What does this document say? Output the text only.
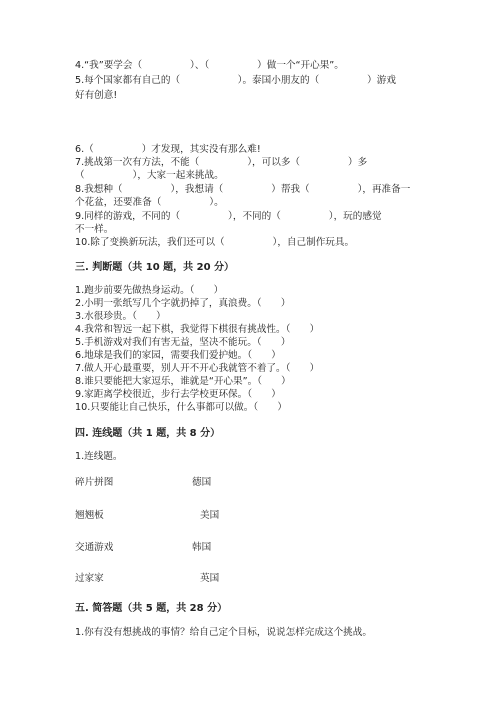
4.“我”要学会（　　　　　）、（　　　　　）做一个“开心果”。
5.每个国家都有自己的（　　　　　　）。泰国小朋友的（　　　　　）游戏
好有创意!
6.（　　　　　）才发现，其实没有那么难!
7.挑战第一次有方法，不能（　　　　　），可以多（　　　　　）多
（　　　　　），大家一起来挑战。
8.我想种（　　　　　），我想请（　　　　　）帮我（　　　　　），再准备一
个花盆，还要准备（　　　　　）。
9.同样的游戏，不同的（　　　　　），不同的（　　　　　），玩的感觉
不一样。
10.除了变换新玩法，我们还可以（　　　　　），自己制作玩具。
三. 判断题（共 10 题，共 20 分）
1.跑步前要先做热身运动。（　　）
2.小明一张纸写几个字就扔掉了，真浪费。（　　）
3.水很珍贵。（　　）
4.我常和智远一起下棋，我觉得下棋很有挑战性。（　　）
5.手机游戏对我们有害无益，坚决不能玩。（　　）
6.地球是我们的家园，需要我们爱护她。（　　）
7.做人开心最重要，别人开不开心我就管不着了。（　　）
8.谁只要能把大家逗乐，谁就是“开心果”。（　　）
9.家距离学校很近，步行去学校更环保。（　　）
10.只要能让自己快乐，什么事都可以做。（　　）
四. 连线题（共 1 题，共 8 分）
1.连线题。
碎片拼图	德国
翘翘板	美国
交通游戏	韩国
过家家	英国
五. 简答题（共 5 题，共 28 分）
1.你有没有想挑战的事情？给自己定个目标，说说怎样完成这个挑战。
